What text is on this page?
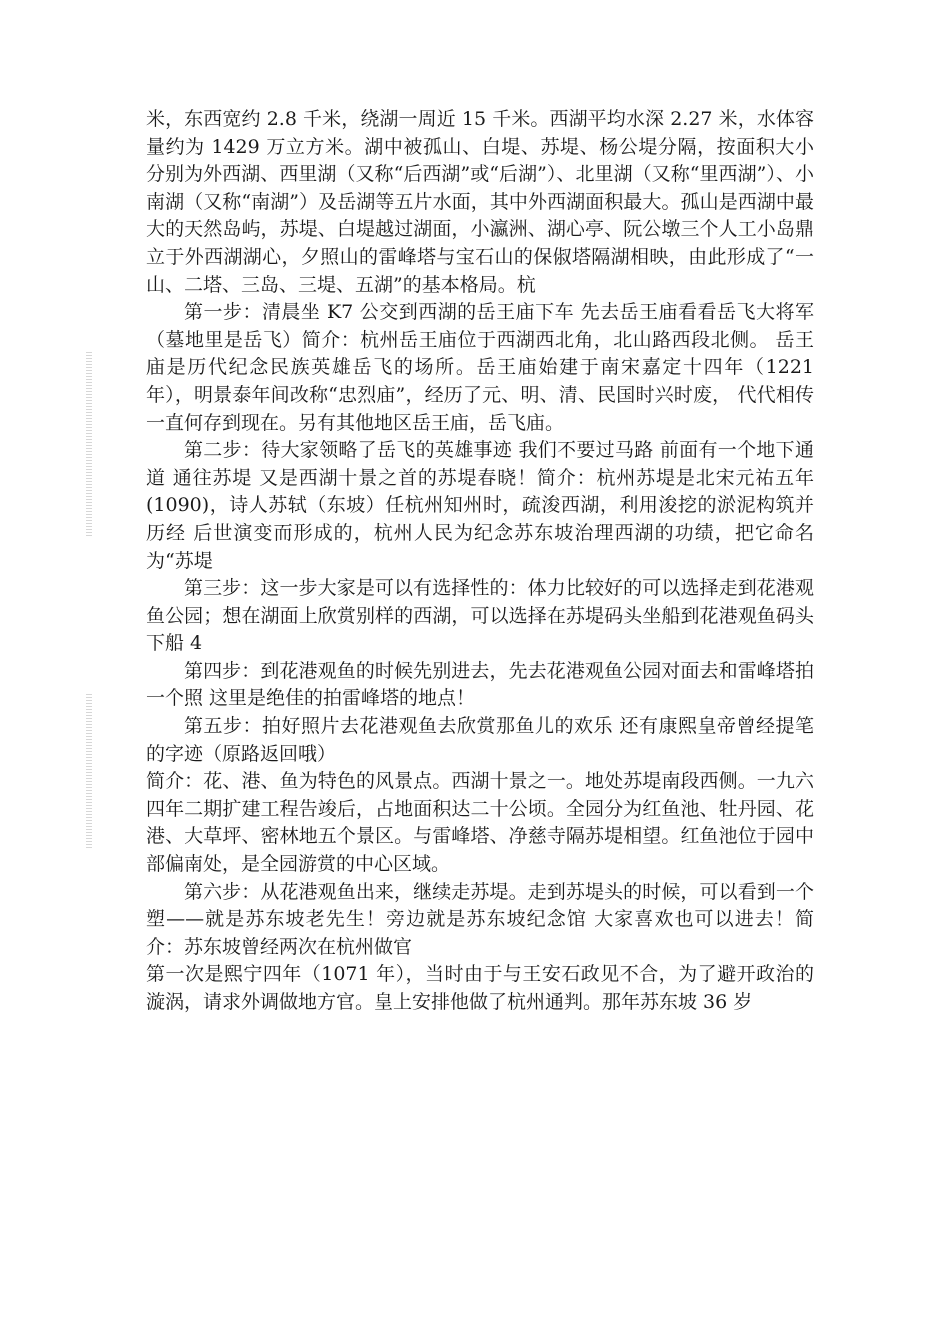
米，东西宽约 2.8 千米，绕湖一周近 15 千米。西湖平均水深 2.27 米，水体容量约为 1429 万立方米。湖中被孤山、白堤、苏堤、杨公堤分隔，按面积大小分别为外西湖、西里湖（又称“后西湖”或“后湖”）、北里湖（又称“里西湖”）、小南湖（又称“南湖”）及岳湖等五片水面，其中外西湖面积最大。孤山是西湖中最大的天然岛屿，苏堤、白堤越过湖面，小瀛洲、湖心亭、阮公墩三个人工小岛鼎立于外西湖湖心，夕照山的雷峰塔与宝石山的保俶塔隔湖相映，由此形成了“一山、二塔、三岛、三堤、五湖”的基本格局。杭

第一步：清晨坐 K7 公交到西湖的岳王庙下车 先去岳王庙看看岳飞大将军（墓地里是岳飞）简介：杭州岳王庙位于西湖西北角，北山路西段北侧。 岳王庙是历代纪念民族英雄岳飞的场所。岳王庙始建于南宋嘉定十四年（1221 年），明景泰年间改称“忠烈庙”，经历了元、明、清、民国时兴时废， 代代相传一直何存到现在。另有其他地区岳王庙，岳飞庙。

第二步：待大家领略了岳飞的英雄事迹 我们不要过马路 前面有一个地下通道 通往苏堤 又是西湖十景之首的苏堤春晓！简介：杭州苏堤是北宋元祐五年(1090)，诗人苏轼（东坡）任杭州知州时，疏浚西湖，利用浚挖的淤泥构筑并历经 后世演变而形成的，杭州人民为纪念苏东坡治理西湖的功绩，把它命名为“苏堤

第三步：这一步大家是可以有选择性的：体力比较好的可以选择走到花港观鱼公园；想在湖面上欣赏别样的西湖，可以选择在苏堤码头坐船到花港观鱼码头下船 4

第四步：到花港观鱼的时候先别进去，先去花港观鱼公园对面去和雷峰塔拍一个照 这里是绝佳的拍雷峰塔的地点！

第五步：拍好照片去花港观鱼去欣赏那鱼儿的欢乐 还有康熙皇帝曾经提笔的字迹（原路返回哦）

简介：花、港、鱼为特色的风景点。西湖十景之一。地处苏堤南段西侧。一九六四年二期扩建工程告竣后，占地面积达二十公顷。全园分为红鱼池、牡丹园、花港、大草坪、密林地五个景区。与雷峰塔、净慈寺隔苏堤相望。红鱼池位于园中部偏南处，是全园游赏的中心区域。

第六步：从花港观鱼出来，继续走苏堤。走到苏堤头的时候，可以看到一个塑——就是苏东坡老先生！旁边就是苏东坡纪念馆 大家喜欢也可以进去！简介：苏东坡曾经两次在杭州做官

第一次是熙宁四年（1071 年），当时由于与王安石政见不合，为了避开政治的漩涡，请求外调做地方官。皇上安排他做了杭州通判。那年苏东坡 36 岁
